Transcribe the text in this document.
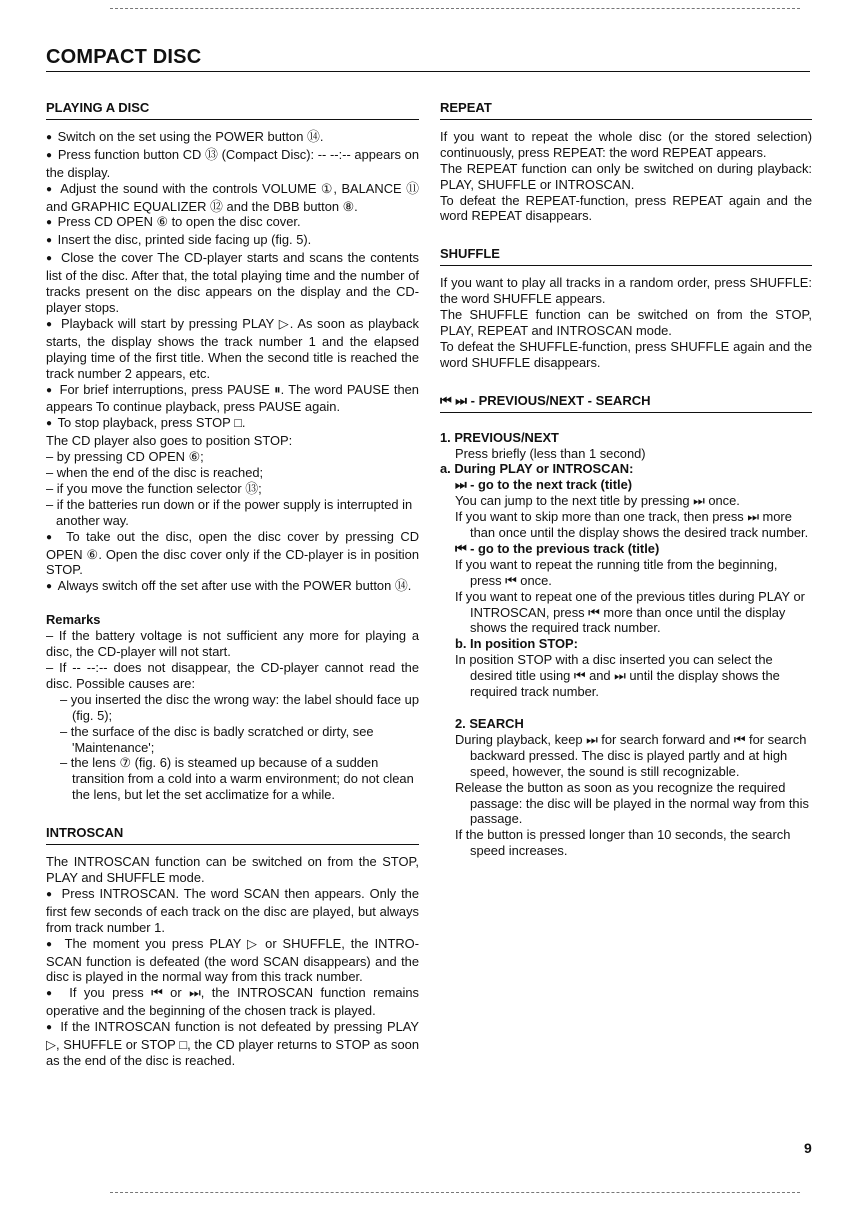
COMPACT DISC
PLAYING A DISC

●  Switch on the set using the POWER button ⑭.

●  Press function button CD ⑬ (Compact Disc): -- --:-- appears on the display.

●  Adjust the sound with the controls VOLUME ①, BALANCE ⑪ and GRAPHIC EQUALIZER ⑫ and the DBB button ⑧.

●  Press CD OPEN ⑥ to open the disc cover.

●  Insert the disc, printed side facing up (fig. 5).

●  Close the cover The CD-player starts and scans the contents list of the disc. After that, the total playing time and the number of tracks present on the disc appears on the display and the CD-player stops.

●  Playback will start by pressing PLAY ▷. As soon as playback starts, the display shows the track number 1 and the elapsed playing time of the first title. When the second title is reached the track number 2 appears, etc.

●  For brief interruptions, press PAUSE ⏸. The word PAUSE then appears To continue playback, press PAUSE again.

●  To stop playback, press STOP □.

The CD player also goes to position STOP:

– by pressing CD OPEN ⑥;

– when the end of the disc is reached;

– if you move the function selector ⑬;

– if the batteries run down or if the power supply is interrupted in another way.

●  To take out the disc, open the disc cover by pressing CD OPEN ⑥. Open the disc cover only if the CD-player is in position STOP.

●  Always switch off the set after use with the POWER button ⑭.

Remarks

– If the battery voltage is not sufficient any more for playing a disc, the CD-player will not start.

– If -- --:-- does not disappear, the CD-player cannot read the disc. Possible causes are:

– you inserted the disc the wrong way: the label should face up (fig. 5);

– the surface of the disc is badly scratched or dirty, see 'Maintenance';

– the lens ⑦ (fig. 6) is steamed up because of a sudden transition from a cold into a warm environment; do not clean the lens, but let the set acclimatize for a while.

INTROSCAN

The INTROSCAN function can be switched on from the STOP, PLAY and SHUFFLE mode.

●  Press INTROSCAN. The word SCAN then appears. Only the first few seconds of each track on the disc are played, but always from track number 1.

●  The moment you press PLAY ▷ or SHUFFLE, the INTRO-SCAN function is defeated (the word SCAN disappears) and the disc is played in the normal way from this track number.

●  If you press ⏮ or ⏭, the INTROSCAN function remains operative and the beginning of the chosen track is played.

●  If the INTROSCAN function is not defeated by pressing PLAY ▷, SHUFFLE or STOP □, the CD player returns to STOP as soon as the end of the disc is reached.

REPEAT

If you want to repeat the whole disc (or the stored selection) continuously, press REPEAT: the word REPEAT appears.

The REPEAT function can only be switched on during playback: PLAY, SHUFFLE or INTROSCAN.

To defeat the REPEAT-function, press REPEAT again and the word REPEAT disappears.

SHUFFLE

If you want to play all tracks in a random order, press SHUFFLE: the word SHUFFLE appears.

The SHUFFLE function can be switched on from the STOP, PLAY, REPEAT and INTROSCAN mode.

To defeat the SHUFFLE-function, press SHUFFLE again and the word SHUFFLE disappears.

⏮ ⏭ - PREVIOUS/NEXT - SEARCH

1. PREVIOUS/NEXT

Press briefly (less than 1 second)

a. During PLAY or INTROSCAN:

⏭ - go to the next track (title)

You can jump to the next title by pressing ⏭ once.

If you want to skip more than one track, then press ⏭ more than once until the display shows the desired track number.

⏮ - go to the previous track (title)

If you want to repeat the running title from the beginning, press ⏮ once.

If you want to repeat one of the previous titles during PLAY or INTROSCAN, press ⏮ more than once until the display shows the required track number.

b. In position STOP:

In position STOP with a disc inserted you can select the desired title using ⏮ and ⏭ until the display shows the required track number.

2. SEARCH

During playback, keep ⏭ for search forward and ⏮ for search backward pressed. The disc is played partly and at high speed, however, the sound is still recognizable.

Release the button as soon as you recognize the required passage: the disc will be played in the normal way from this passage.

If the button is pressed longer than 10 seconds, the search speed increases.

9
